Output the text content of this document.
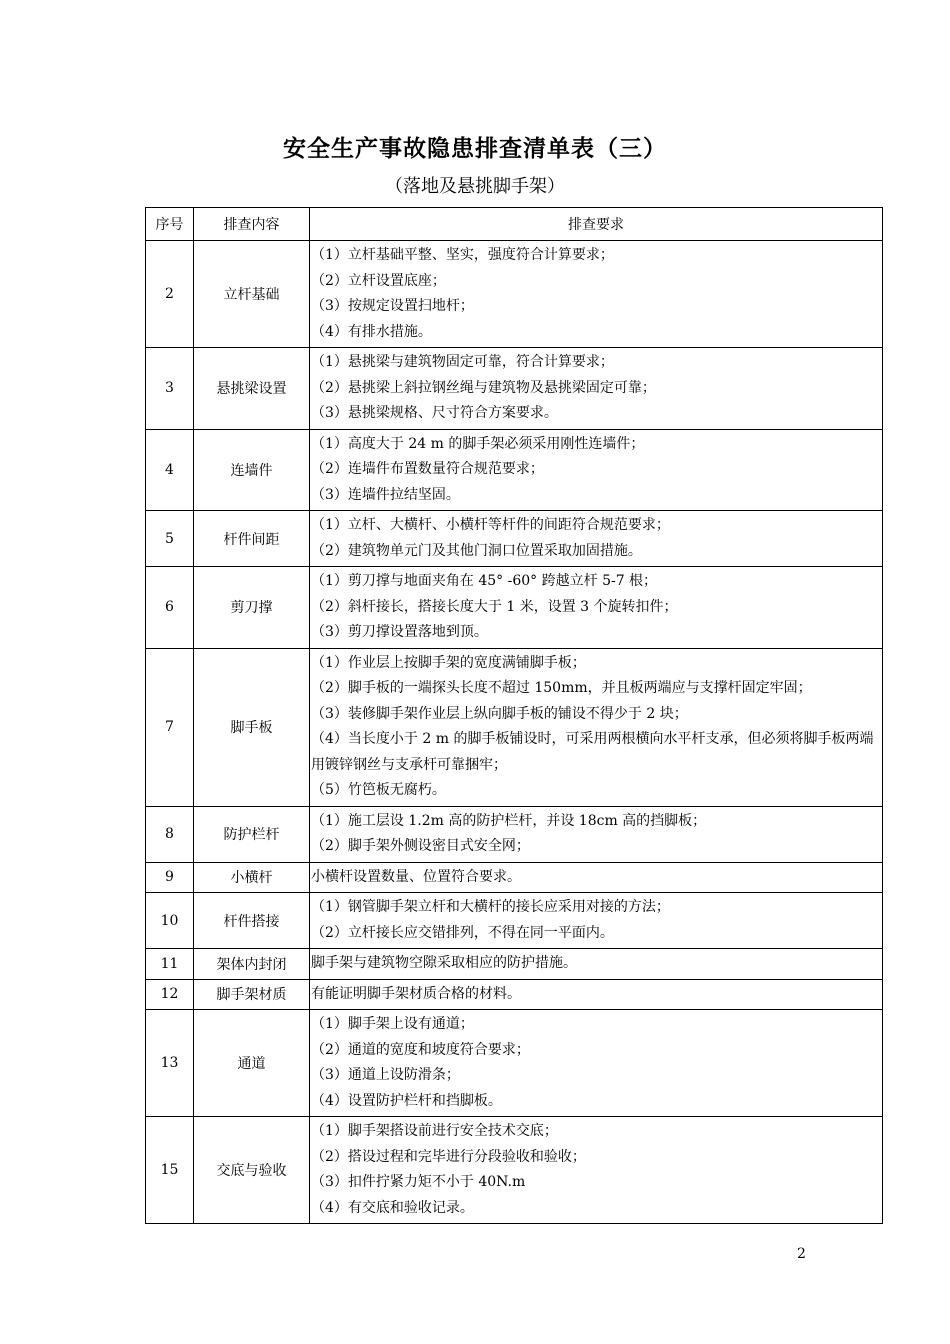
安全生产事故隐患排查清单表（三）
（落地及悬挑脚手架）
序号	排查内容	排查要求
2	立杆基础	（1）立杆基础平整、坚实，强度符合计算要求；
（2）立杆设置底座；
（3）按规定设置扫地杆；
（4）有排水措施。

3	悬挑梁设置	（1）悬挑梁与建筑物固定可靠，符合计算要求；
（2）悬挑梁上斜拉钢丝绳与建筑物及悬挑梁固定可靠；
（3）悬挑梁规格、尺寸符合方案要求。

4	连墙件	（1）高度大于 24 m 的脚手架必须采用刚性连墙件；
（2）连墙件布置数量符合规范要求；
（3）连墙件拉结坚固。

5	杆件间距	（1）立杆、大横杆、小横杆等杆件的间距符合规范要求；
（2）建筑物单元门及其他门洞口位置采取加固措施。

6	剪刀撑	（1）剪刀撑与地面夹角在 45° -60° 跨越立杆 5-7 根；
（2）斜杆接长，搭接长度大于 1 米，设置 3 个旋转扣件；
（3）剪刀撑设置落地到顶。

7	脚手板	（1）作业层上按脚手架的宽度满铺脚手板；
（2）脚手板的一端探头长度不超过 150mm，并且板两端应与支撑杆固定牢固；
（3）装修脚手架作业层上纵向脚手板的铺设不得少于 2 块；
（4）当长度小于 2 m 的脚手板铺设时，可采用两根横向水平杆支承，但必须将脚手板两端用镀锌钢丝与支承杆可靠捆牢；
（5）竹笆板无腐朽。

8	防护栏杆	（1）施工层设 1.2m 高的防护栏杆，并设 18cm 高的挡脚板；
（2）脚手架外侧设密目式安全网；

9	小横杆	小横杆设置数量、位置符合要求。

10	杆件搭接	（1）钢管脚手架立杆和大横杆的接长应采用对接的方法；
（2）立杆接长应交错排列，不得在同一平面内。

11	架体内封闭	脚手架与建筑物空隙采取相应的防护措施。

12	脚手架材质	有能证明脚手架材质合格的材料。

13	通道	（1）脚手架上设有通道；
（2）通道的宽度和坡度符合要求；
（3）通道上设防滑条；
（4）设置防护栏杆和挡脚板。

15	交底与验收	（1）脚手架搭设前进行安全技术交底；
（2）搭设过程和完毕进行分段验收和验收；
（3）扣件拧紧力矩不小于 40N.m
（4）有交底和验收记录。
2
